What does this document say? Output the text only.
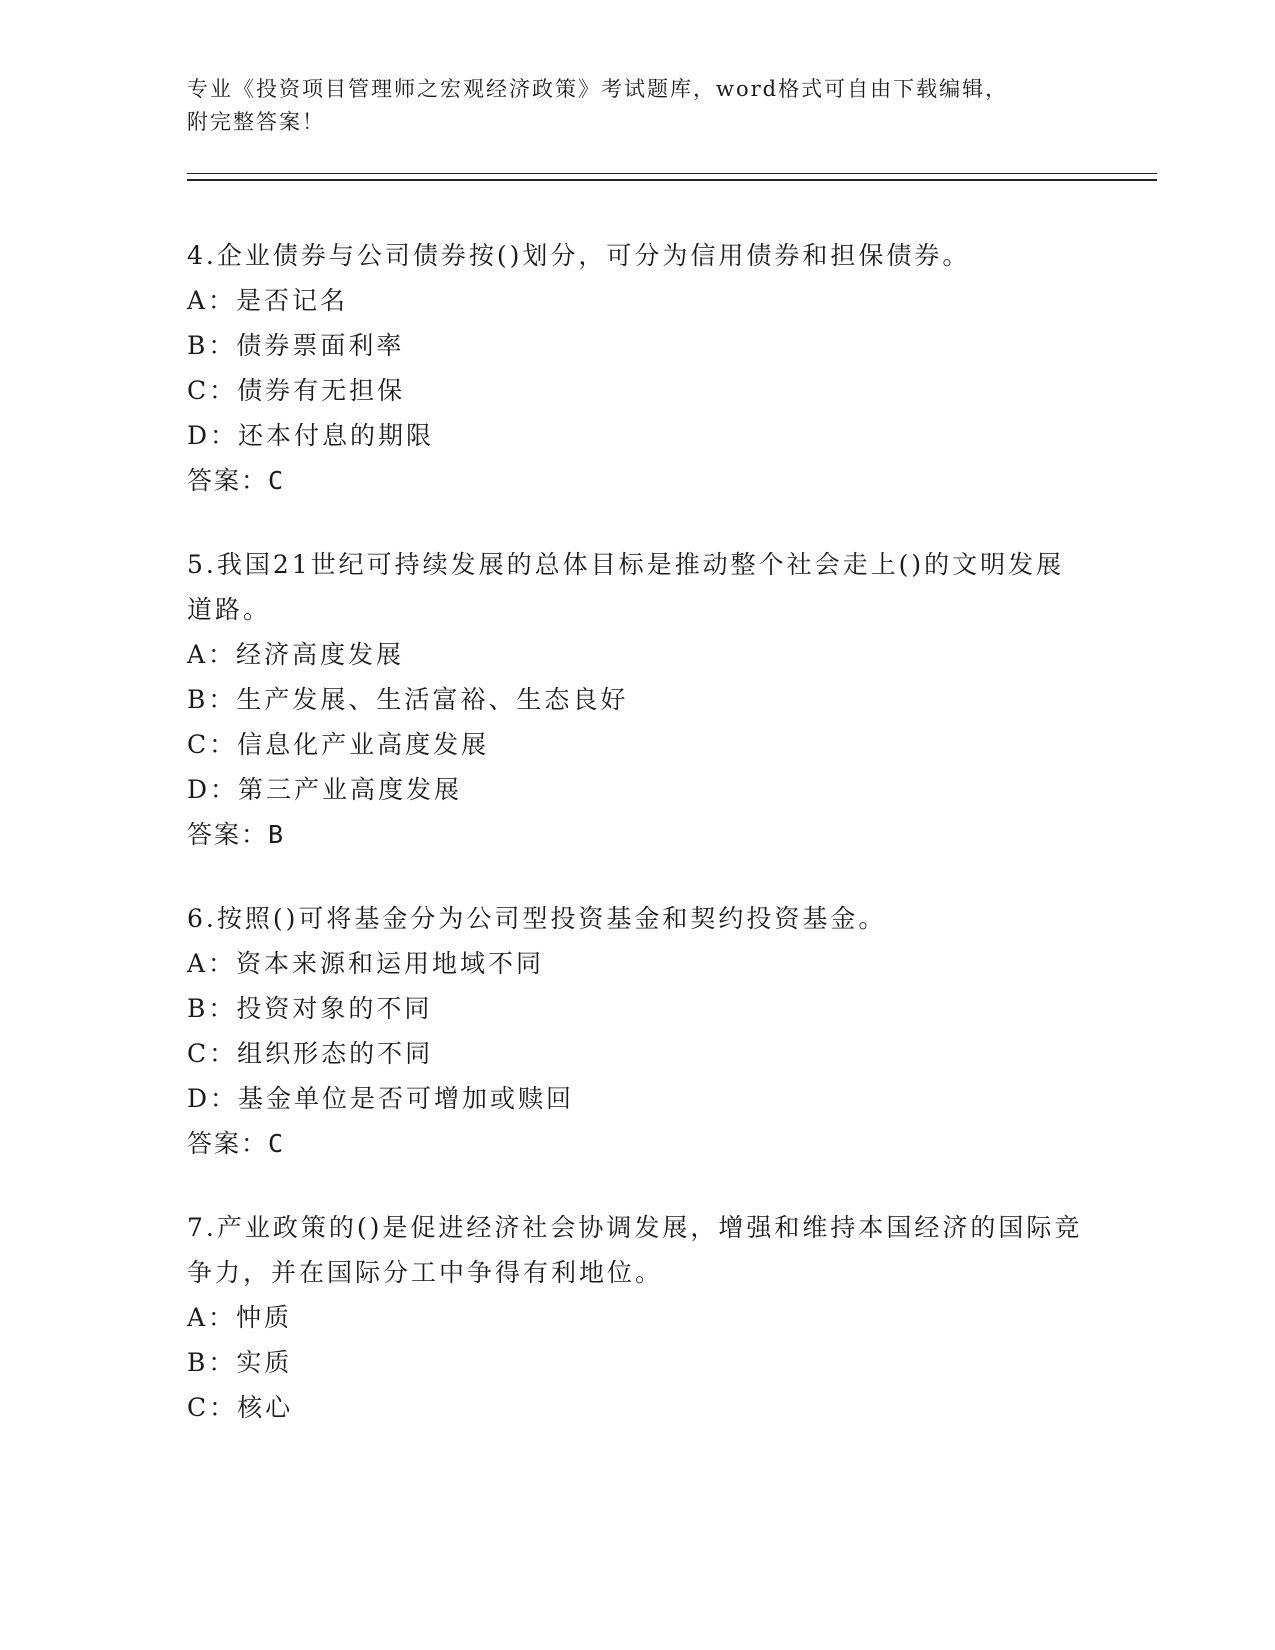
专业《投资项目管理师之宏观经济政策》考试题库，word格式可自由下载编辑，
附完整答案！
4.企业债券与公司债券按()划分，可分为信用债券和担保债券。
A：是否记名
B：债券票面利率
C：债券有无担保
D：还本付息的期限
答案：C
5.我国21世纪可持续发展的总体目标是推动整个社会走上()的文明发展道路。
A：经济高度发展
B：生产发展、生活富裕、生态良好
C：信息化产业高度发展
D：第三产业高度发展
答案：B
6.按照()可将基金分为公司型投资基金和契约投资基金。
A：资本来源和运用地域不同
B：投资对象的不同
C：组织形态的不同
D：基金单位是否可增加或赎回
答案：C
7.产业政策的()是促进经济社会协调发展，增强和维持本国经济的国际竞争力，并在国际分工中争得有利地位。
A：忡质
B：实质
C：核心
